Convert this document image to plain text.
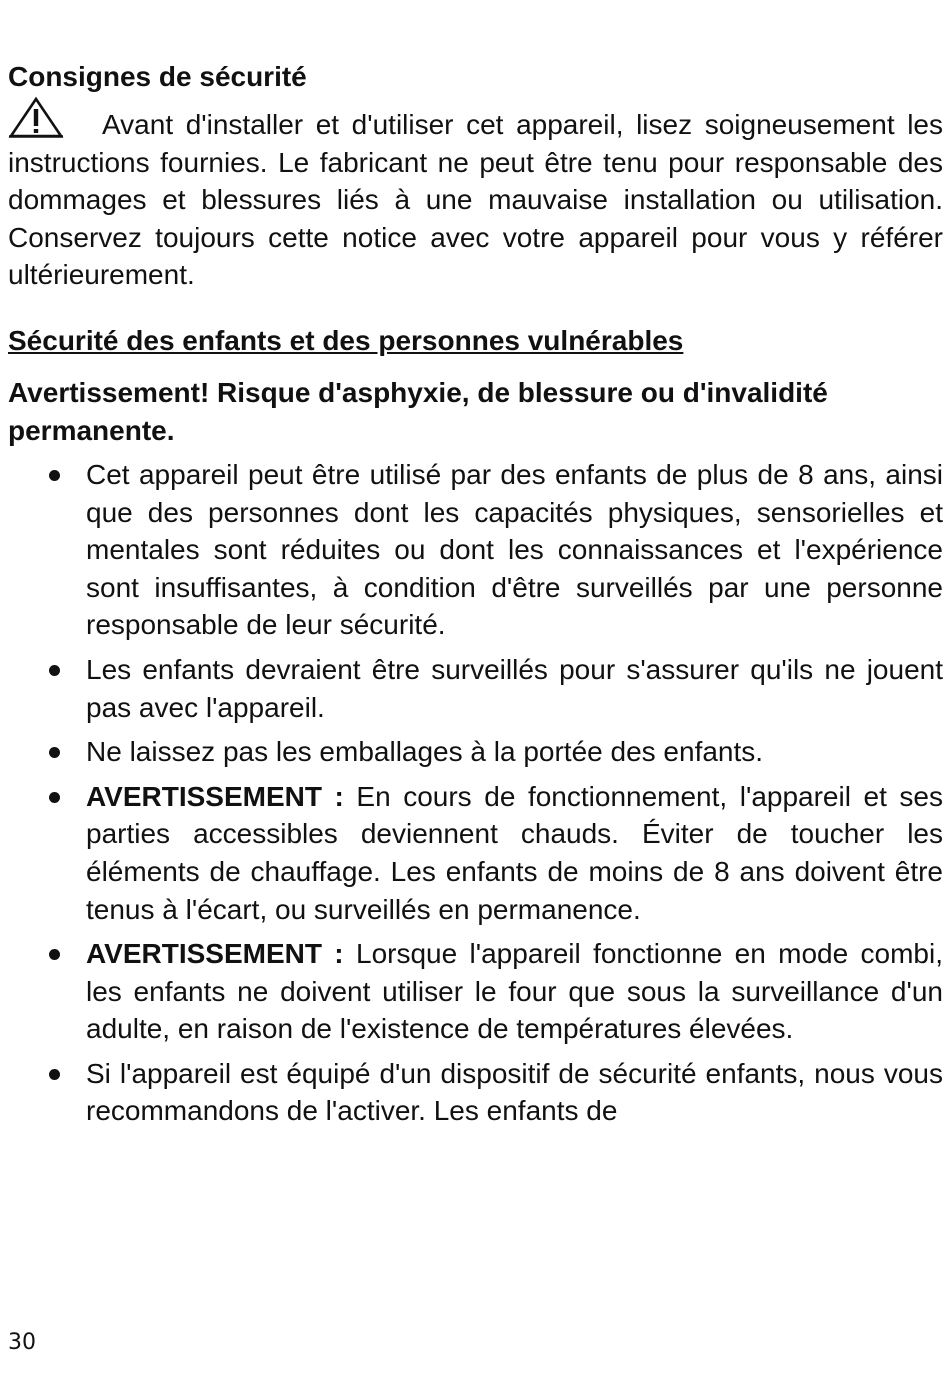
Consignes de sécurité

Avant d'installer et d'utiliser cet appareil, lisez soigneusement les instructions fournies. Le fabricant ne peut être tenu pour responsable des dommages et blessures liés à une mauvaise installation ou utilisation. Conservez toujours cette notice avec votre appareil pour vous y référer ultérieurement.

Sécurité des enfants et des personnes vulnérables

Avertissement! Risque d'asphyxie, de blessure ou d'invalidité permanente.

Cet appareil peut être utilisé par des enfants de plus de 8 ans, ainsi que des personnes dont les capacités physiques, sensorielles et mentales sont réduites ou dont les connaissances et l'expérience sont insuffisantes, à condition d'être surveillés par une personne responsable de leur sécurité.
Les enfants devraient être surveillés pour s'assurer qu'ils ne jouent pas avec l'appareil.
Ne laissez pas les emballages à la portée des enfants.
AVERTISSEMENT : En cours de fonctionnement, l'appareil et ses parties accessibles deviennent chauds. Éviter de toucher les éléments de chauffage. Les enfants de moins de 8 ans doivent être tenus à l'écart, ou surveillés en permanence.
AVERTISSEMENT : Lorsque l'appareil fonctionne en mode combi, les enfants ne doivent utiliser le four que sous la surveillance d'un adulte, en raison de l'existence de températures élevées.
Si l'appareil est équipé d'un dispositif de sécurité enfants, nous vous recommandons de l'activer. Les enfants de
30
